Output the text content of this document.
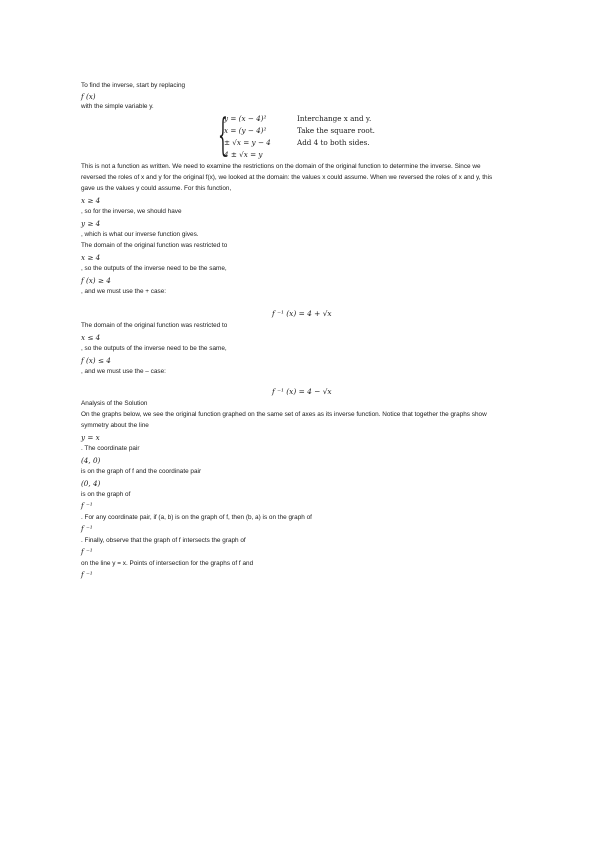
To find the inverse, start by replacing
f (x)
with the simple variable y.
{
y = (x − 4)²	Interchange x and y.
x = (y − 4)²	Take the square root.
± √x = y − 4	Add 4 to both sides.
4 ± √x = y
This is not a function as written. We need to examine the restrictions on the domain of the original function to determine the inverse. Since we
reversed the roles of x and y for the original f(x), we looked at the domain: the values x could assume. When we reversed the roles of x and y, this
gave us the values y could assume. For this function,
x ≥ 4
, so for the inverse, we should have
y ≥ 4
, which is what our inverse function gives.
The domain of the original function was restricted to
x ≥ 4
, so the outputs of the inverse need to be the same,
f (x) ≥ 4
, and we must use the + case:
f ⁻¹ (x) = 4 + √x
The domain of the original function was restricted to
x ≤ 4
, so the outputs of the inverse need to be the same,
f (x) ≤ 4
, and we must use the – case:
f ⁻¹ (x) = 4 − √x
Analysis of the Solution
On the graphs below, we see the original function graphed on the same set of axes as its inverse function. Notice that together the graphs show
symmetry about the line
y = x
. The coordinate pair
(4, 0)
is on the graph of f and the coordinate pair
(0, 4)
is on the graph of
f ⁻¹
. For any coordinate pair, if (a, b) is on the graph of f, then (b, a) is on the graph of
f ⁻¹
. Finally, observe that the graph of f intersects the graph of
f ⁻¹
on the line y = x. Points of intersection for the graphs of f and
f ⁻¹
